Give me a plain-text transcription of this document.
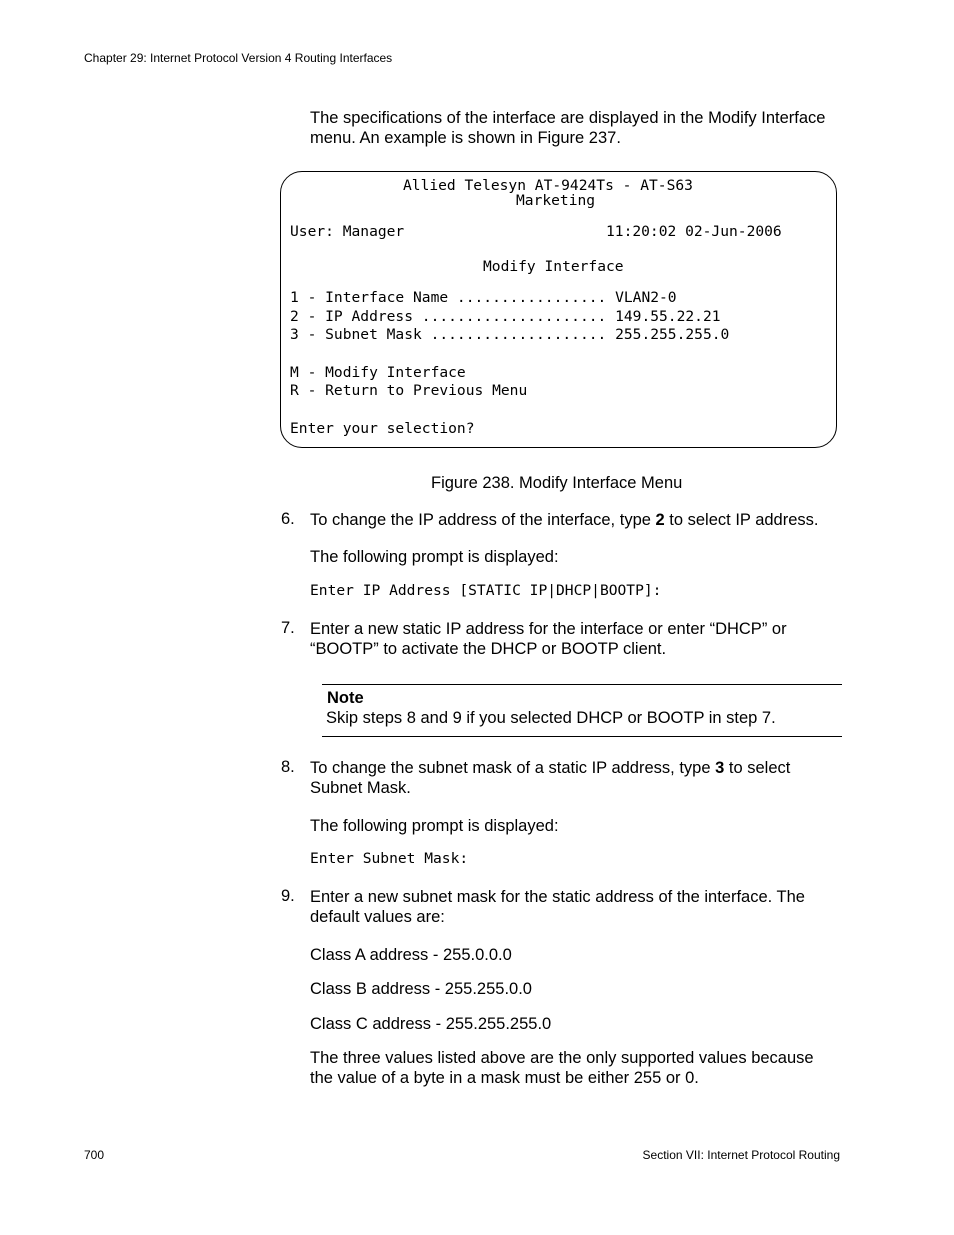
Chapter 29: Internet Protocol Version 4 Routing Interfaces
The specifications of the interface are displayed in the Modify Interface
menu. An example is shown in Figure 237.
Allied Telesyn AT-9424Ts - AT-S63
Marketing
User: Manager	11:20:02 02-Jun-2006
Modify Interface
1 - Interface Name ................. VLAN2-0
2 - IP Address ..................... 149.55.22.21
3 - Subnet Mask .................... 255.255.255.0
M - Modify Interface
R - Return to Previous Menu
Enter your selection?
Figure 238. Modify Interface Menu
6. To change the IP address of the interface, type 2 to select IP address.
The following prompt is displayed:
Enter IP Address [STATIC IP|DHCP|BOOTP]:
7. Enter a new static IP address for the interface or enter “DHCP” or
“BOOTP” to activate the DHCP or BOOTP client.
Note
Skip steps 8 and 9 if you selected DHCP or BOOTP in step 7.
8. To change the subnet mask of a static IP address, type 3 to select
Subnet Mask.
The following prompt is displayed:
Enter Subnet Mask:
9. Enter a new subnet mask for the static address of the interface. The
default values are:
Class A address - 255.0.0.0
Class B address - 255.255.0.0
Class C address - 255.255.255.0
The three values listed above are the only supported values because
the value of a byte in a mask must be either 255 or 0.
700	Section VII: Internet Protocol Routing
